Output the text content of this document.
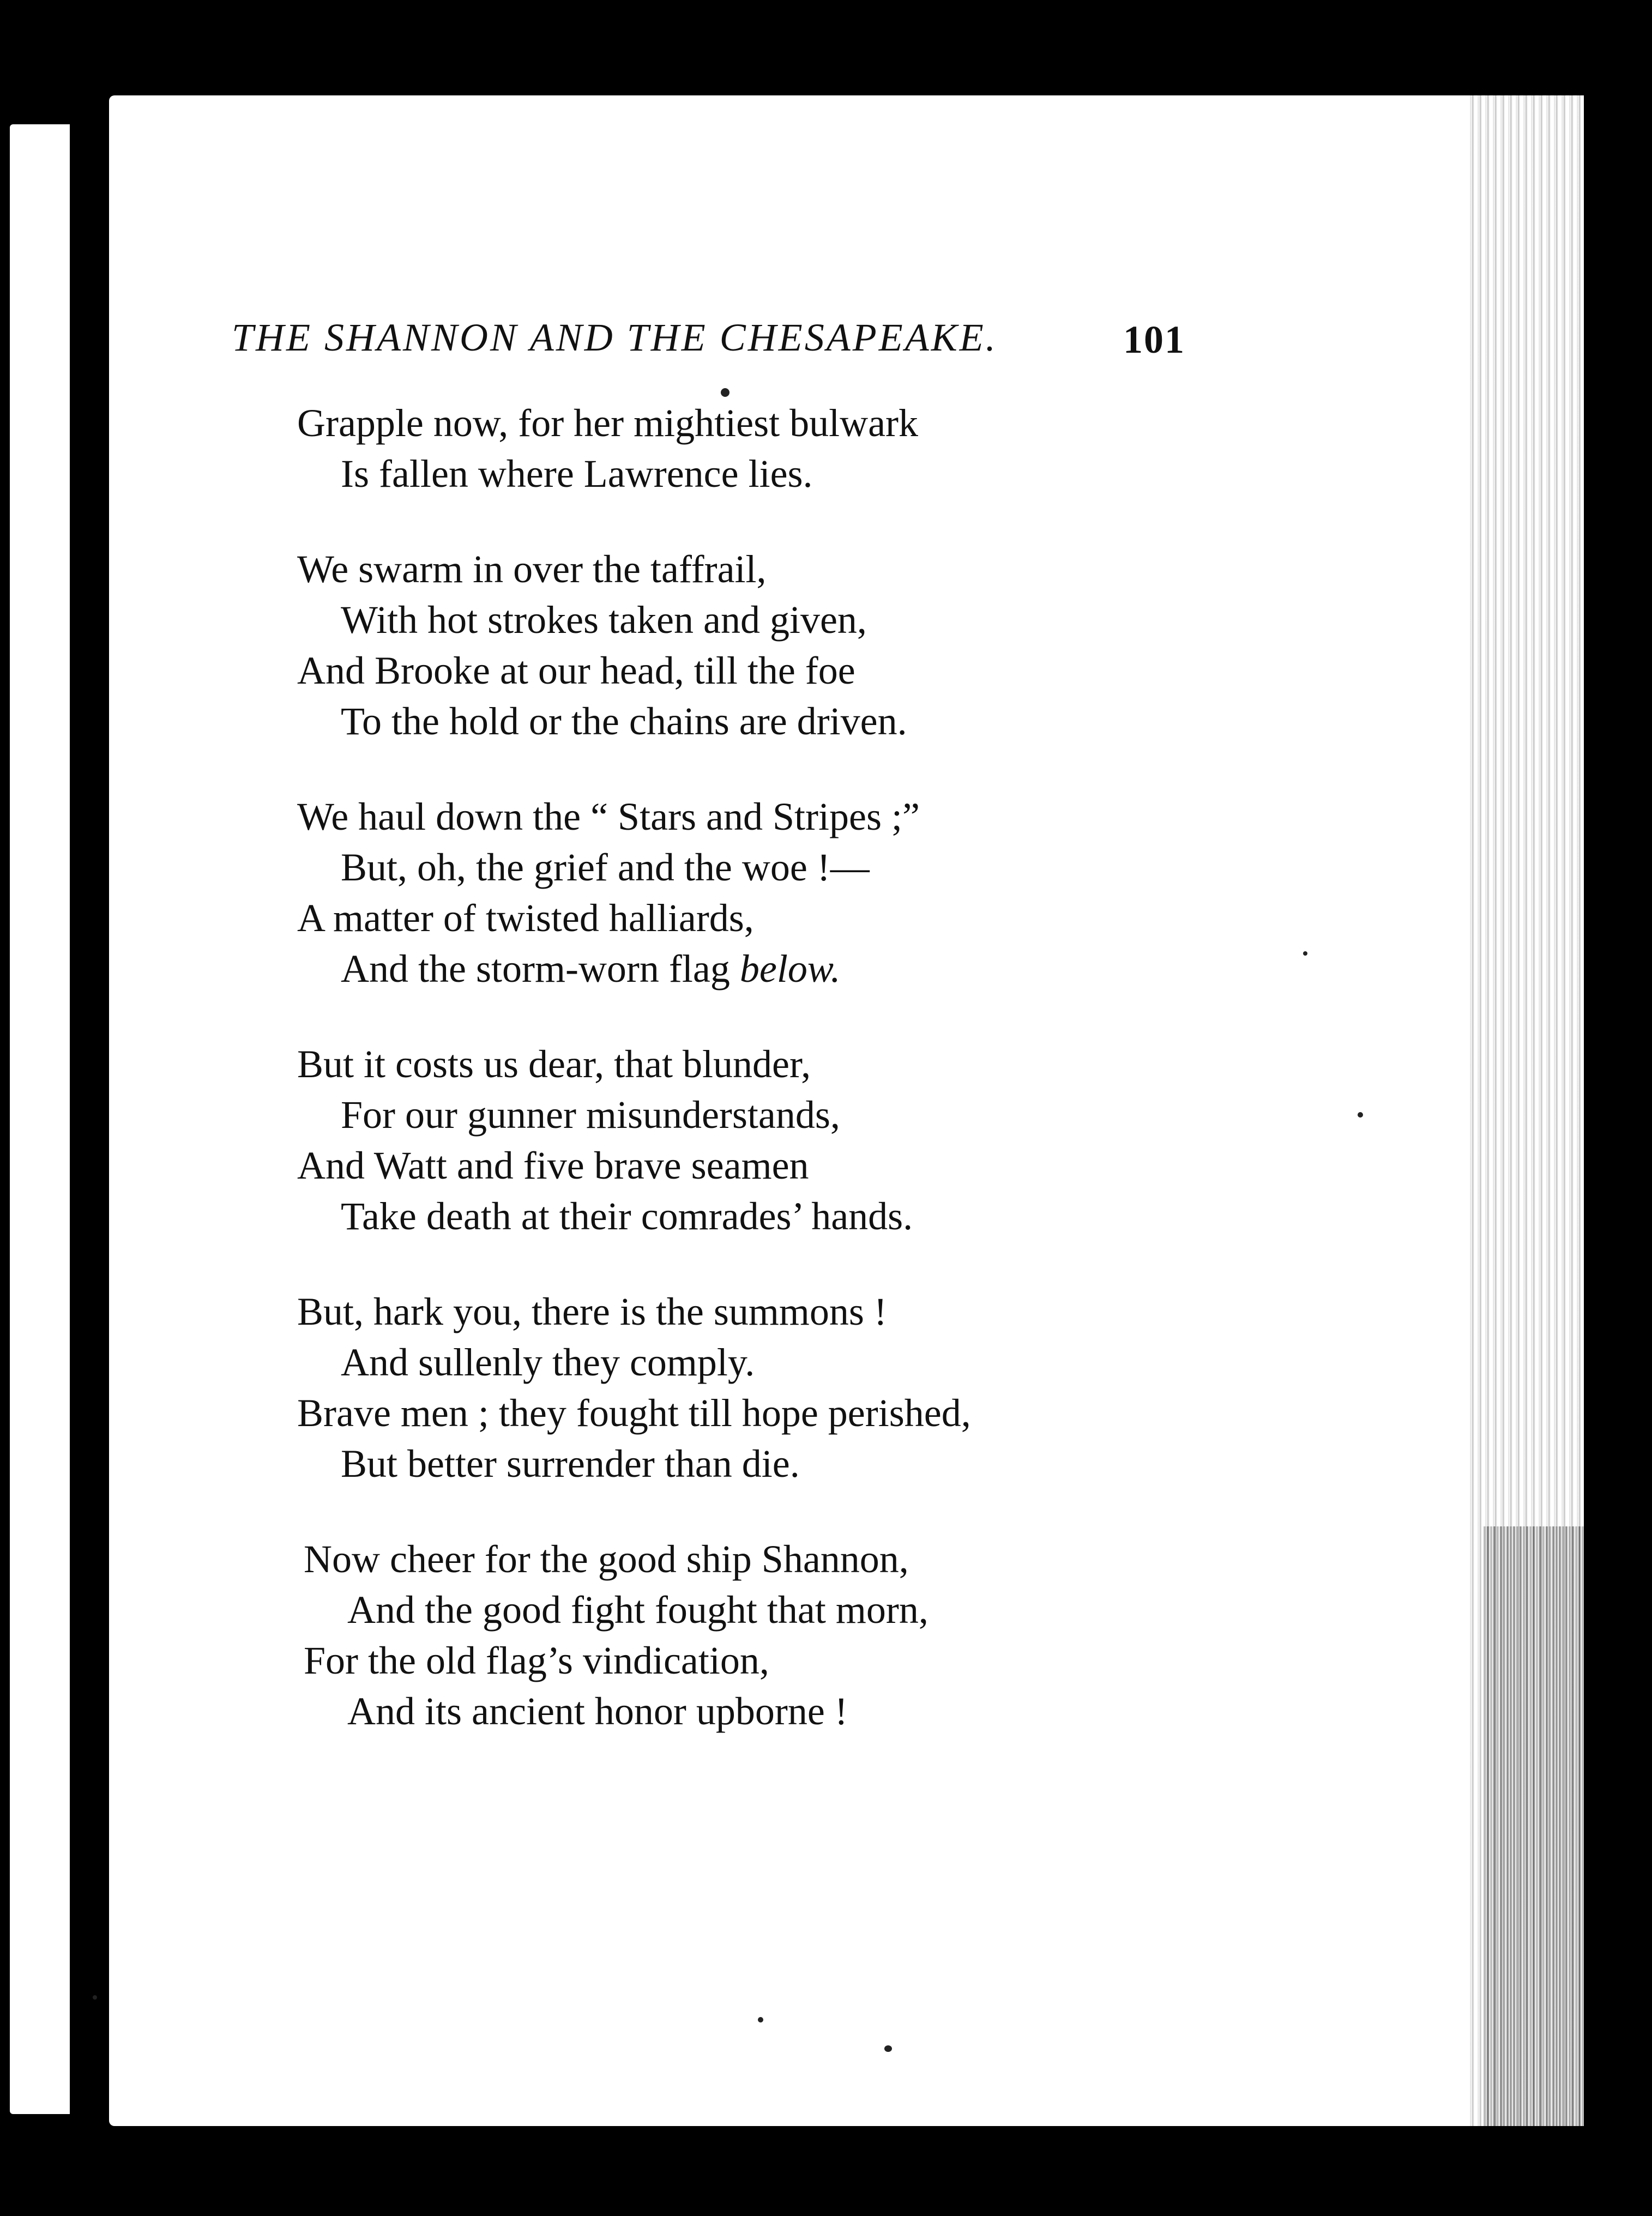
THE SHANNON AND THE CHESAPEAKE.	101
Grapple now, for her mightiest bulwark
Is fallen where Lawrence lies.
We swarm in over the taffrail,
With hot strokes taken and given,
And Brooke at our head, till the foe
To the hold or the chains are driven.
We haul down the “ Stars and Stripes ;”
But, oh, the grief and the woe !—
A matter of twisted halliards,
And the storm-worn flag below.
But it costs us dear, that blunder,
For our gunner misunderstands,
And Watt and five brave seamen
Take death at their comrades’ hands.
But, hark you, there is the summons !
And sullenly they comply.
Brave men ; they fought till hope perished,
But better surrender than die.
Now cheer for the good ship Shannon,
And the good fight fought that morn,
For the old flag’s vindication,
And its ancient honor upborne !
